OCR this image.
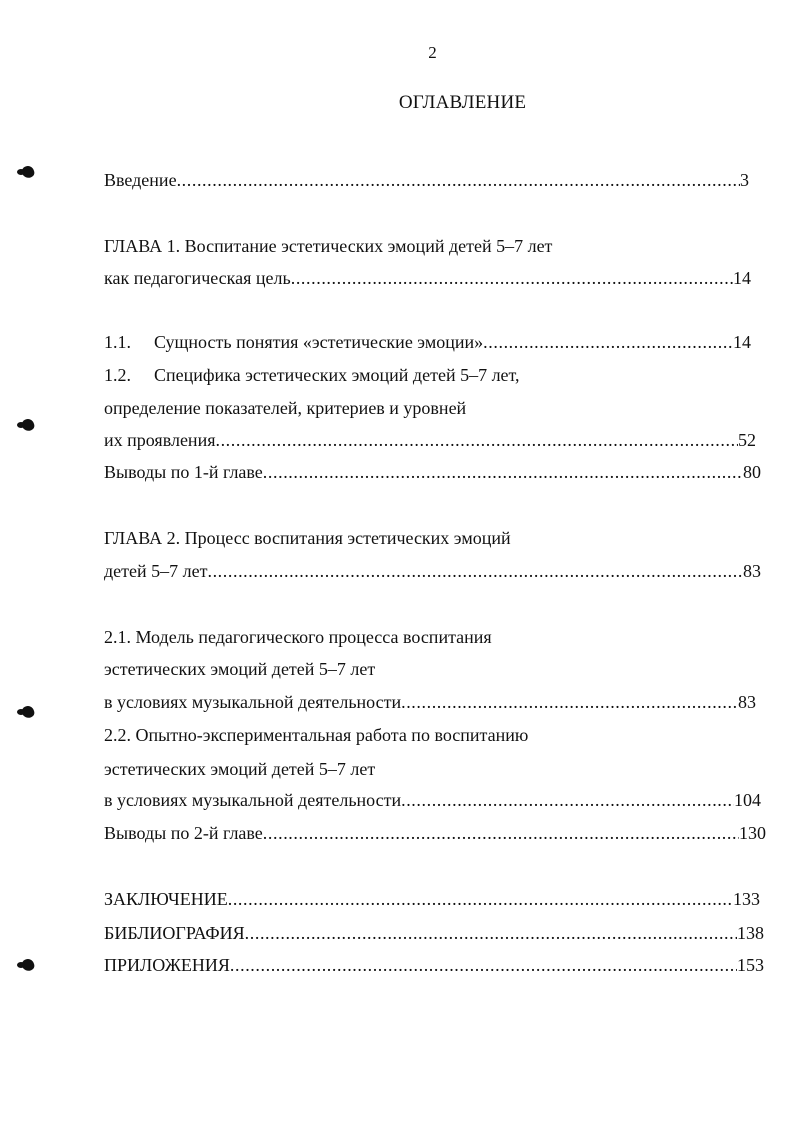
2
ОГЛАВЛЕНИЕ
Введение .....	3
ГЛАВА 1. Воспитание эстетических эмоций детей 5–7 лет
как педагогическая цель .....	14
1.1. Сущность понятия «эстетические эмоции» .....	14
1.2. Специфика эстетических эмоций детей 5–7 лет,
определение показателей, критериев и уровней
их проявления .....	52
Выводы по 1-й главе .....	80
ГЛАВА 2. Процесс воспитания эстетических эмоций
детей 5–7 лет .....	83
2.1. Модель педагогического процесса воспитания
эстетических эмоций детей 5–7 лет
в условиях музыкальной деятельности .....	83
2.2. Опытно-экспериментальная работа по воспитанию
эстетических эмоций детей 5–7 лет
в условиях музыкальной деятельности .....	104
Выводы по 2-й главе .....	130
ЗАКЛЮЧЕНИЕ .....	133
БИБЛИОГРАФИЯ .....	138
ПРИЛОЖЕНИЯ .....	153
